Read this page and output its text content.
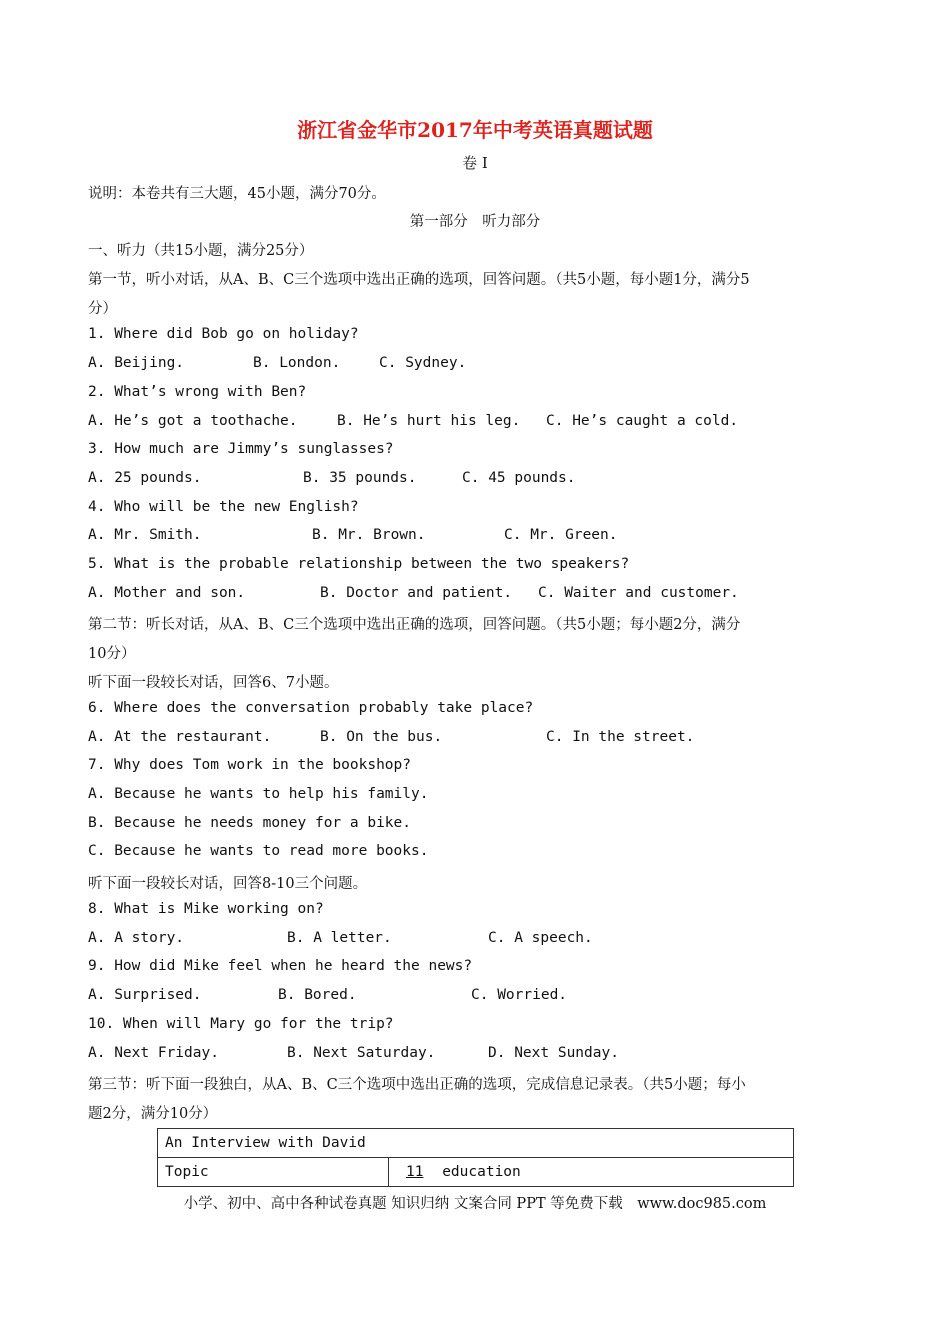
浙江省金华市2017年中考英语真题试题
卷 I
说明：本卷共有三大题，45小题，满分70分。
第一部分　听力部分
一、听力（共15小题，满分25分）
第一节，听小对话，从A、B、C三个选项中选出正确的选项，回答问题。（共5小题，每小题1分，满分5
分）
1. Where did Bob go on holiday?
A. Beijing.	B. London.	C. Sydney.
2. What’s wrong with Ben?
A. He’s got a toothache.	B. He’s hurt his leg. C. He’s caught a cold.
3. How much are Jimmy’s sunglasses?
A. 25 pounds.	B. 35 pounds.	C. 45 pounds.
4. Who will be the new English?
A. Mr. Smith.	B. Mr. Brown.	C. Mr. Green.
5. What is the probable relationship between the two speakers?
A. Mother and son.	B. Doctor and patient. C. Waiter and customer.
第二节：听长对话，从A、B、C三个选项中选出正确的选项，回答问题。（共5小题；每小题2分，满分
10分）
听下面一段较长对话，回答6、7小题。
6. Where does the conversation probably take place?
A. At the restaurant.	B. On the bus.	C. In the street.
7. Why does Tom work in the bookshop?
A. Because he wants to help his family.
B. Because he needs money for a bike.
C. Because he wants to read more books.
听下面一段较长对话，回答8-10三个问题。
8. What is Mike working on?
A. A story.	B. A letter.	C. A speech.
9. How did Mike feel when he heard the news?
A. Surprised.	B. Bored.	C. Worried.
10. When will Mary go for the trip?
A. Next Friday.	B. Next Saturday.	D. Next Sunday.
第三节：听下面一段独白，从A、B、C三个选项中选出正确的选项，完成信息记录表。（共5小题；每小
题2分，满分10分）
An Interview with David
Topic	11 education
小学、初中、高中各种试卷真题 知识归纳 文案合同 PPT 等免费下载　www.doc985.com
